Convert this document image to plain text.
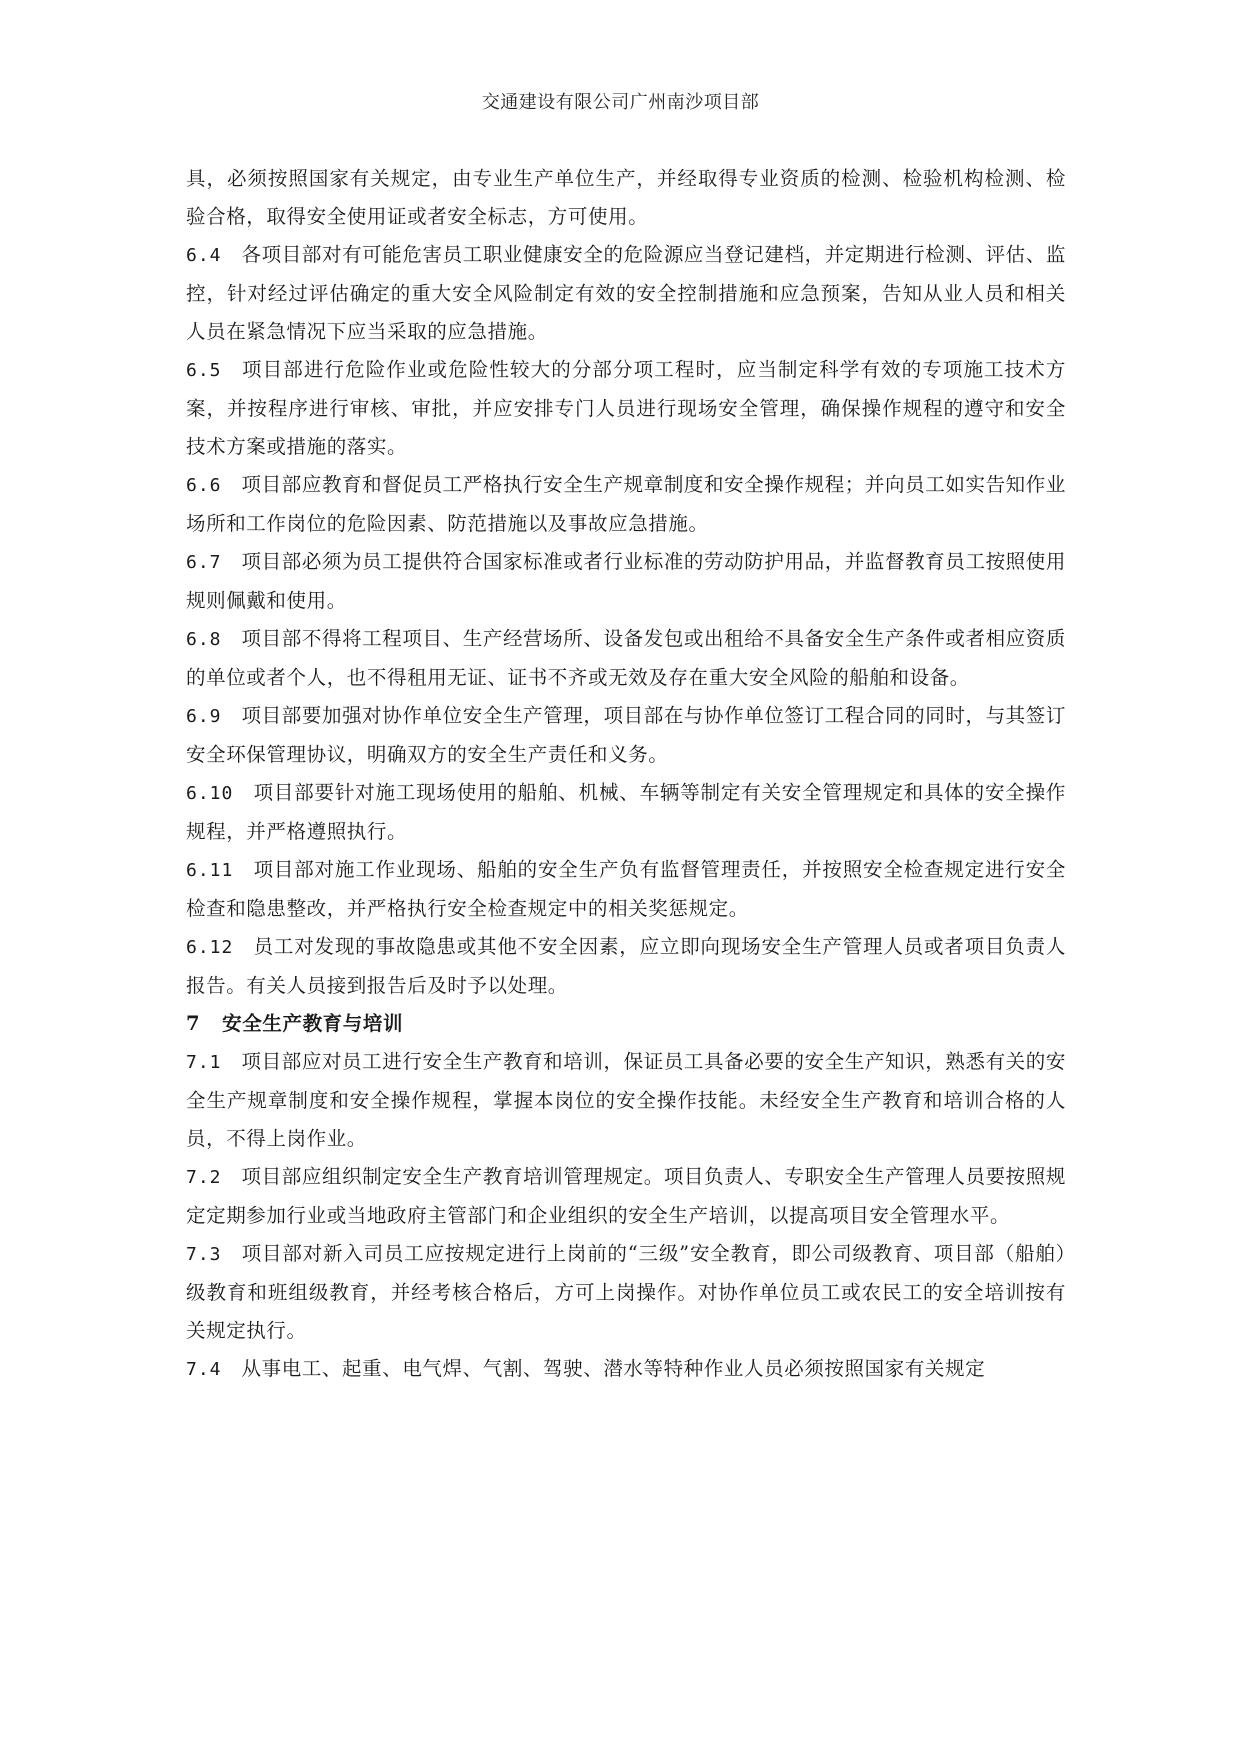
交通建设有限公司广州南沙项目部

具，必须按照国家有关规定，由专业生产单位生产，并经取得专业资质的检测、检验机构检测、检验合格，取得安全使用证或者安全标志，方可使用。

6.4 各项目部对有可能危害员工职业健康安全的危险源应当登记建档，并定期进行检测、评估、监控，针对经过评估确定的重大安全风险制定有效的安全控制措施和应急预案，告知从业人员和相关人员在紧急情况下应当采取的应急措施。

6.5 项目部进行危险作业或危险性较大的分部分项工程时，应当制定科学有效的专项施工技术方案，并按程序进行审核、审批，并应安排专门人员进行现场安全管理，确保操作规程的遵守和安全技术方案或措施的落实。

6.6 项目部应教育和督促员工严格执行安全生产规章制度和安全操作规程；并向员工如实告知作业场所和工作岗位的危险因素、防范措施以及事故应急措施。

6.7 项目部必须为员工提供符合国家标准或者行业标准的劳动防护用品，并监督教育员工按照使用规则佩戴和使用。

6.8 项目部不得将工程项目、生产经营场所、设备发包或出租给不具备安全生产条件或者相应资质的单位或者个人，也不得租用无证、证书不齐或无效及存在重大安全风险的船舶和设备。

6.9 项目部要加强对协作单位安全生产管理，项目部在与协作单位签订工程合同的同时，与其签订安全环保管理协议，明确双方的安全生产责任和义务。

6.10 项目部要针对施工现场使用的船舶、机械、车辆等制定有关安全管理规定和具体的安全操作规程，并严格遵照执行。

6.11 项目部对施工作业现场、船舶的安全生产负有监督管理责任，并按照安全检查规定进行安全检查和隐患整改，并严格执行安全检查规定中的相关奖惩规定。

6.12 员工对发现的事故隐患或其他不安全因素，应立即向现场安全生产管理人员或者项目负责人报告。有关人员接到报告后及时予以处理。

7 安全生产教育与培训

7.1 项目部应对员工进行安全生产教育和培训，保证员工具备必要的安全生产知识，熟悉有关的安全生产规章制度和安全操作规程，掌握本岗位的安全操作技能。未经安全生产教育和培训合格的人员，不得上岗作业。

7.2 项目部应组织制定安全生产教育培训管理规定。项目负责人、专职安全生产管理人员要按照规定定期参加行业或当地政府主管部门和企业组织的安全生产培训，以提高项目安全管理水平。

7.3 项目部对新入司员工应按规定进行上岗前的“三级”安全教育，即公司级教育、项目部（船舶）级教育和班组级教育，并经考核合格后，方可上岗操作。对协作单位员工或农民工的安全培训按有关规定执行。

7.4 从事电工、起重、电气焊、气割、驾驶、潜水等特种作业人员必须按照国家有关规定
